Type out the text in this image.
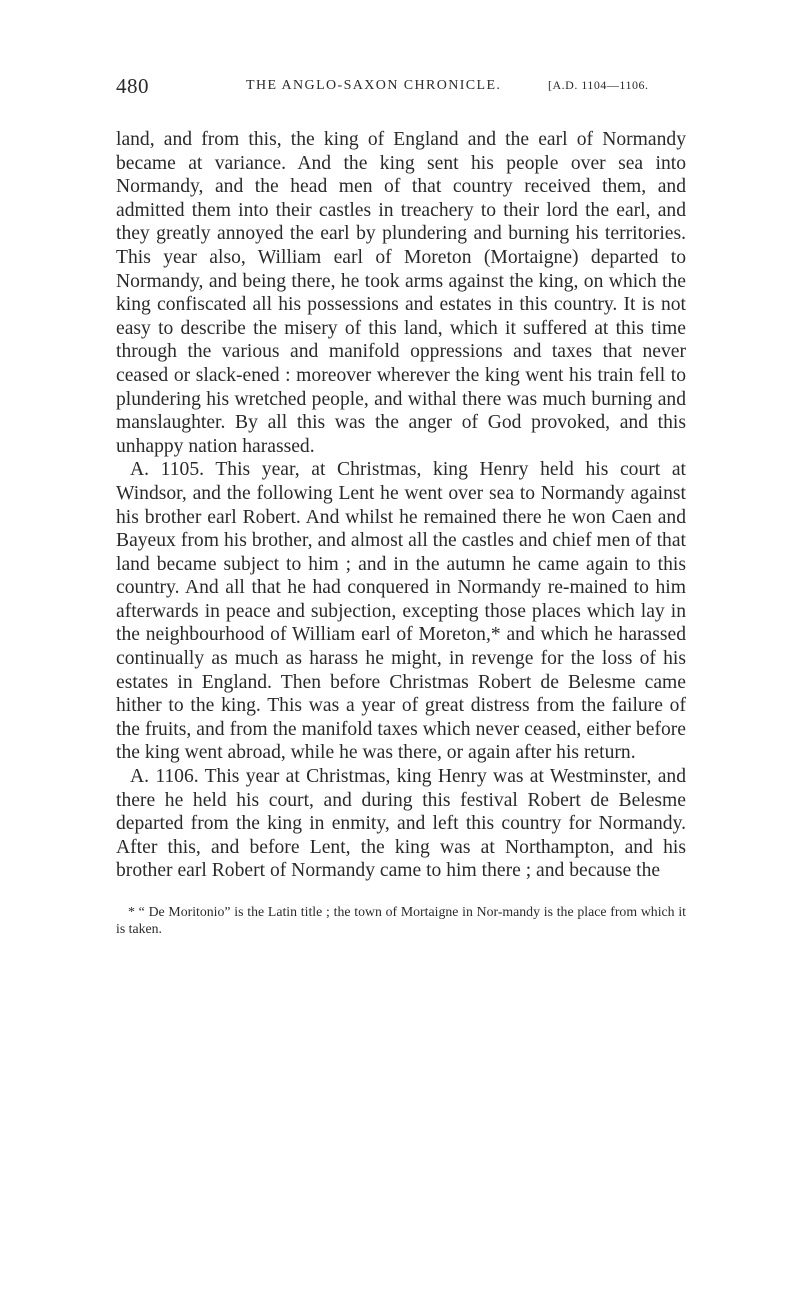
480	THE ANGLO-SAXON CHRONICLE.	[A.D. 1104—1106.

land, and from this, the king of England and the earl of Normandy became at variance. And the king sent his people over sea into Normandy, and the head men of that country received them, and admitted them into their castles in treachery to their lord the earl, and they greatly annoyed the earl by plundering and burning his territories. This year also, William earl of Moreton (Mortaigne) departed to Normandy, and being there, he took arms against the king, on which the king confiscated all his possessions and estates in this country. It is not easy to describe the misery of this land, which it suffered at this time through the various and manifold oppressions and taxes that never ceased or slack-ened : moreover wherever the king went his train fell to plundering his wretched people, and withal there was much burning and manslaughter. By all this was the anger of God provoked, and this unhappy nation harassed.

A. 1105. This year, at Christmas, king Henry held his court at Windsor, and the following Lent he went over sea to Normandy against his brother earl Robert. And whilst he remained there he won Caen and Bayeux from his brother, and almost all the castles and chief men of that land became subject to him ; and in the autumn he came again to this country. And all that he had conquered in Normandy re-mained to him afterwards in peace and subjection, excepting those places which lay in the neighbourhood of William earl of Moreton,* and which he harassed continually as much as harass he might, in revenge for the loss of his estates in England. Then before Christmas Robert de Belesme came hither to the king. This was a year of great distress from the failure of the fruits, and from the manifold taxes which never ceased, either before the king went abroad, while he was there, or again after his return.

A. 1106. This year at Christmas, king Henry was at Westminster, and there he held his court, and during this festival Robert de Belesme departed from the king in enmity, and left this country for Normandy. After this, and before Lent, the king was at Northampton, and his brother earl Robert of Normandy came to him there ; and because the

* “ De Moritonio” is the Latin title ; the town of Mortaigne in Nor-mandy is the place from which it is taken.
